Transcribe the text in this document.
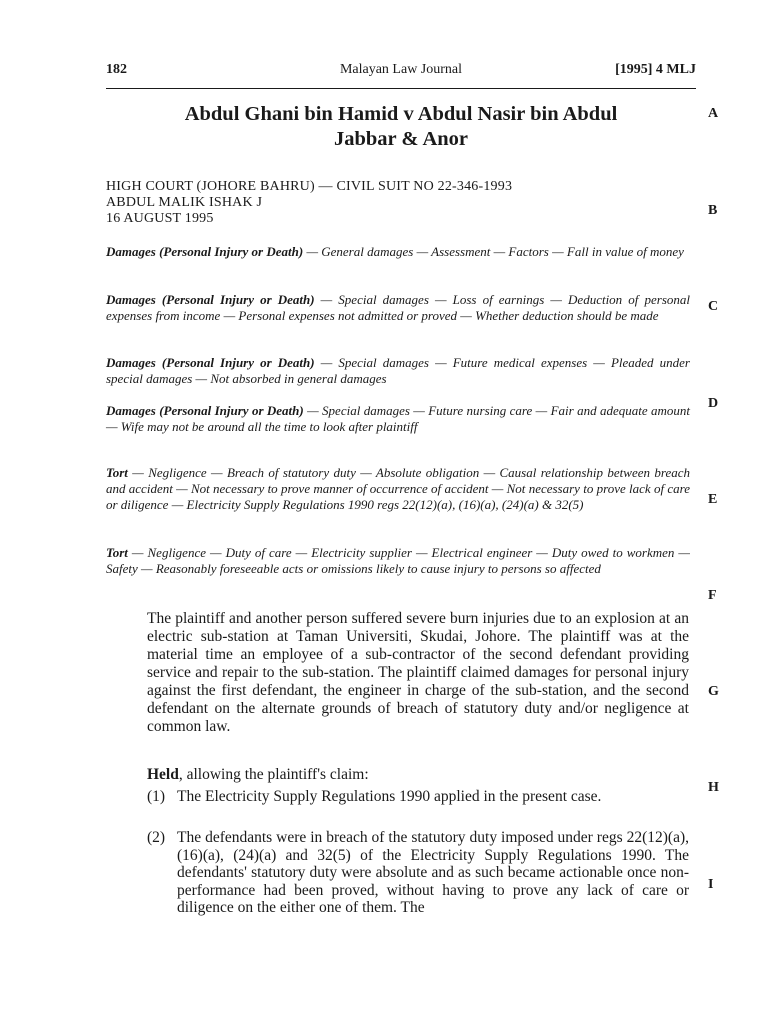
182	Malayan Law Journal	[1995] 4 MLJ
Abdul Ghani bin Hamid v Abdul Nasir bin Abdul
Jabbar & Anor
HIGH COURT (JOHORE BAHRU) — CIVIL SUIT NO 22-346-1993
ABDUL MALIK ISHAK J
16 AUGUST 1995
Damages (Personal Injury or Death) — General damages — Assessment — Factors — Fall in value of money
Damages (Personal Injury or Death) — Special damages — Loss of earnings — Deduction of personal expenses from income — Personal expenses not admitted or proved — Whether deduction should be made
Damages (Personal Injury or Death) — Special damages — Future medical expenses — Pleaded under special damages — Not absorbed in general damages
Damages (Personal Injury or Death) — Special damages — Future nursing care — Fair and adequate amount — Wife may not be around all the time to look after plaintiff
Tort — Negligence — Breach of statutory duty — Absolute obligation — Causal relationship between breach and accident — Not necessary to prove manner of occurrence of accident — Not necessary to prove lack of care or diligence — Electricity Supply Regulations 1990 regs 22(12)(a), (16)(a), (24)(a) & 32(5)
Tort — Negligence — Duty of care — Electricity supplier — Electrical engineer — Duty owed to workmen — Safety — Reasonably foreseeable acts or omissions likely to cause injury to persons so affected
The plaintiff and another person suffered severe burn injuries due to an explosion at an electric sub-station at Taman Universiti, Skudai, Johore. The plaintiff was at the material time an employee of a sub-contractor of the second defendant providing service and repair to the sub-station. The plaintiff claimed damages for personal injury against the first defendant, the engineer in charge of the sub-station, and the second defendant on the alternate grounds of breach of statutory duty and/or negligence at common law.
Held, allowing the plaintiff's claim:
(1) The Electricity Supply Regulations 1990 applied in the present case.
(2) The defendants were in breach of the statutory duty imposed under regs 22(12)(a), (16)(a), (24)(a) and 32(5) of the Electricity Supply Regulations 1990. The defendants' statutory duty were absolute and as such became actionable once non-performance had been proved, without having to prove any lack of care or diligence on the either one of them. The
A
B
C
D
E
F
G
H
I
